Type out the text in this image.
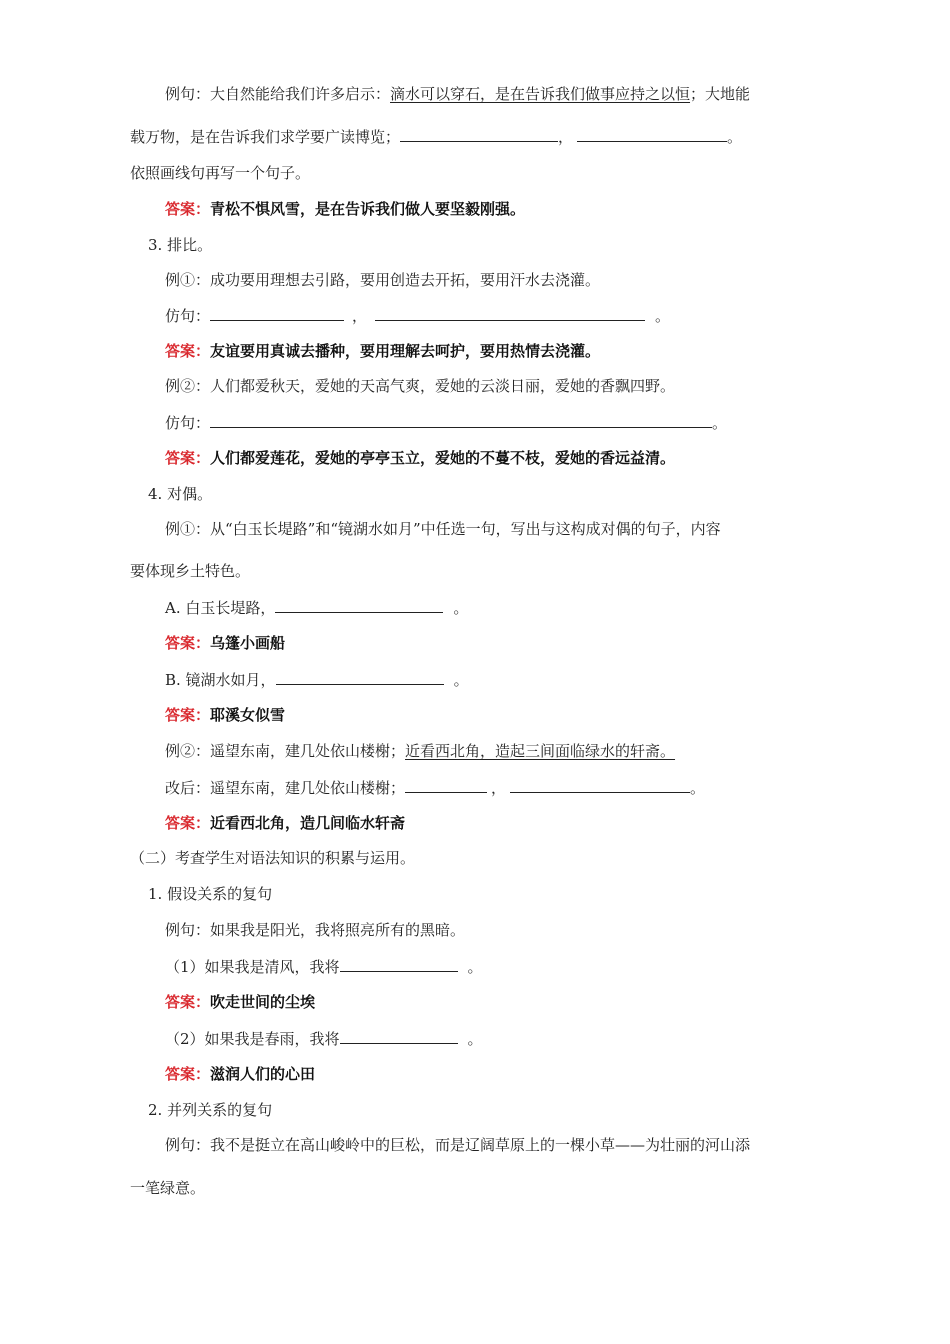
例句：大自然能给我们许多启示：滴水可以穿石，是在告诉我们做事应持之以恒；大地能
载万物，是在告诉我们求学要广读博览；	，	。
依照画线句再写一个句子。
答案：青松不惧风雪，是在告诉我们做人要坚毅刚强。
3. 排比。
例①：成功要用理想去引路，要用创造去开拓，要用汗水去浇灌。
仿句：	，	。
答案：友谊要用真诚去播种，要用理解去呵护，要用热情去浇灌。
例②：人们都爱秋天，爱她的天高气爽，爱她的云淡日丽，爱她的香飘四野。
仿句：	。
答案：人们都爱莲花，爱她的亭亭玉立，爱她的不蔓不枝，爱她的香远益清。
4. 对偶。
例①：从“白玉长堤路”和“镜湖水如月”中任选一句，写出与这构成对偶的句子，内容
要体现乡土特色。
A. 白玉长堤路，	。
答案：乌篷小画船
B. 镜湖水如月，	。
答案：耶溪女似雪
例②：遥望东南，建几处依山楼榭；近看西北角，造起三间面临绿水的轩斋。
改后：遥望东南，建几处依山楼榭；	，	。
答案：近看西北角，造几间临水轩斋
（二）考查学生对语法知识的积累与运用。
1. 假设关系的复句
例句：如果我是阳光，我将照亮所有的黑暗。
（1）如果我是清风，我将	。
答案：吹走世间的尘埃
（2）如果我是春雨，我将	。
答案：滋润人们的心田
2. 并列关系的复句
例句：我不是挺立在高山峻岭中的巨松，而是辽阔草原上的一棵小草——为壮丽的河山添
一笔绿意。
